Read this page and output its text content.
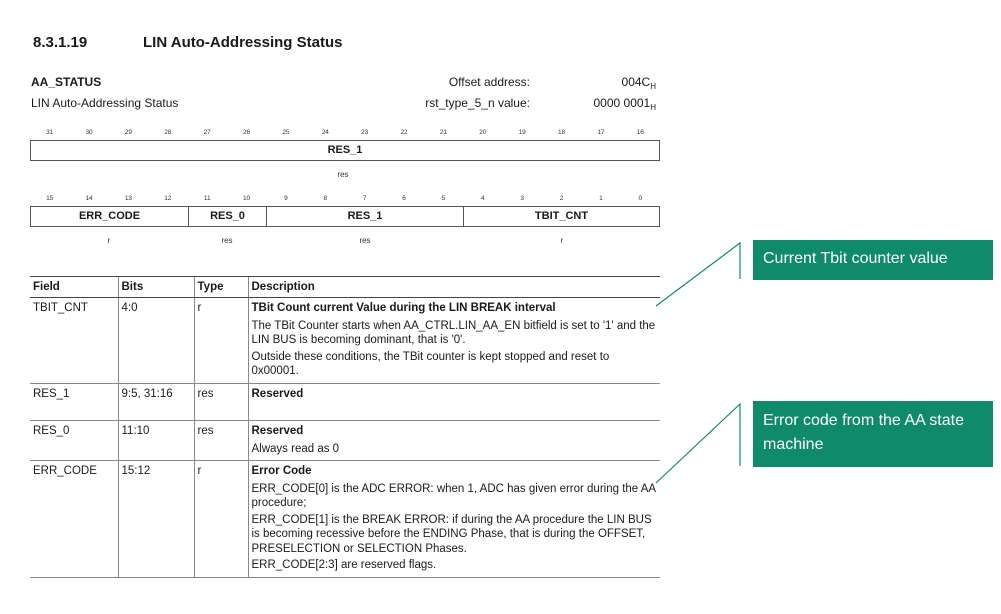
8.3.1.19	LIN Auto-Addressing Status
AA_STATUS
LIN Auto-Addressing Status
Offset address:	$004C_H$
rst_type_5_n value:	0000 $0001_H$
31	30	29	28	27	26	25	24	23	22	21	20	19	18	17	16
RES_1
res
15	14	13	12	11	10	9	8	7	6	5	4	3	2	1	0
ERR_CODE	RES_0	RES_1	TBIT_CNT
r	res	res	r
Field	Bits	Type	Description
TBIT_CNT	4:0	r	TBit Count current Value during the LIN BREAK interval
The TBit Counter starts when AA_CTRL.LIN_AA_EN bitfield is set to '1' and the LIN BUS is becoming dominant, that is '0'.
Outside these conditions, the TBit counter is kept stopped and reset to 0x00001.

RES_1	9:5, 31:16	res	Reserved

RES_0	11:10	res	Reserved
Always read as 0

ERR_CODE	15:12	r	Error Code
ERR_CODE[0] is the ADC ERROR: when 1, ADC has given error during the AA procedure;
ERR_CODE[1] is the BREAK ERROR: if during the AA procedure the LIN BUS is becoming recessive before the ENDING Phase, that is during the OFFSET, PRESELECTION or SELECTION Phases.
ERR_CODE[2:3] are reserved flags.
Current Tbit counter value
Error code from the AA state machine
